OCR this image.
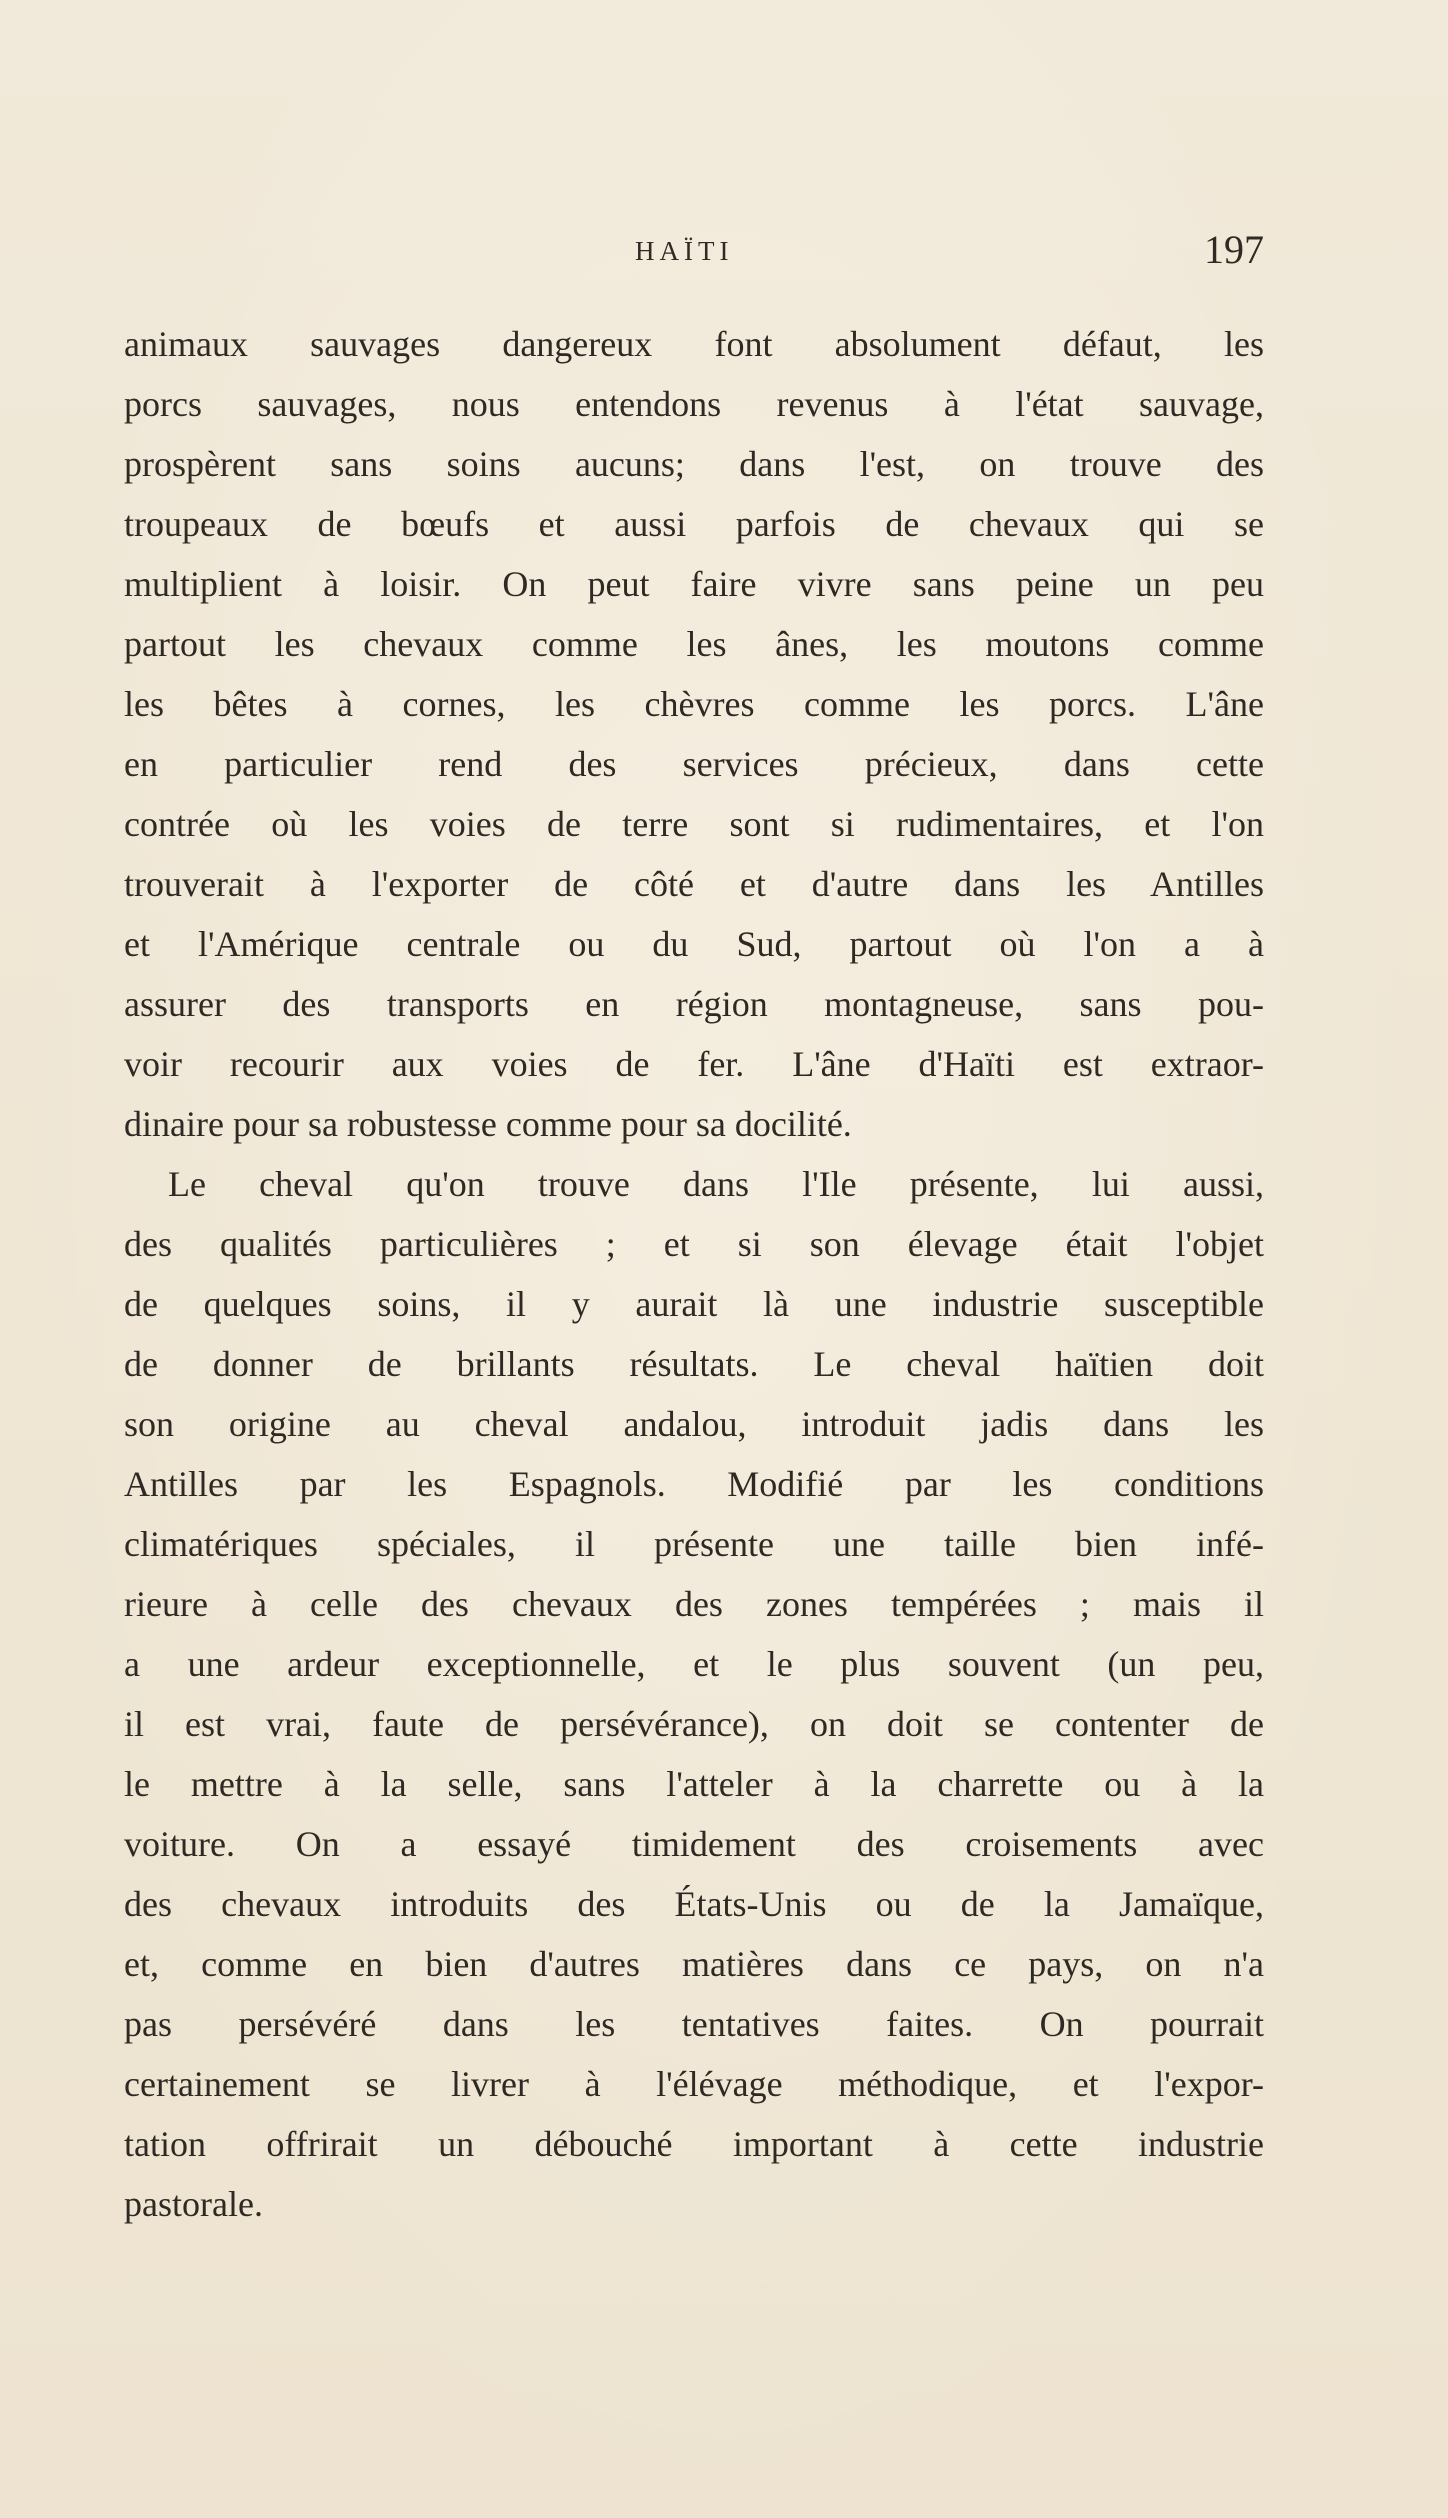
HAÏTI	197
animaux sauvages dangereux font absolument défaut, les
porcs sauvages, nous entendons revenus à l'état sauvage,
prospèrent sans soins aucuns; dans l'est, on trouve des
troupeaux de bœufs et aussi parfois de chevaux qui se
multiplient à loisir. On peut faire vivre sans peine un peu
partout les chevaux comme les ânes, les moutons comme
les bêtes à cornes, les chèvres comme les porcs. L'âne
en particulier rend des services précieux, dans cette
contrée où les voies de terre sont si rudimentaires, et l'on
trouverait à l'exporter de côté et d'autre dans les Antilles
et l'Amérique centrale ou du Sud, partout où l'on a à
assurer des transports en région montagneuse, sans pou-
voir recourir aux voies de fer. L'âne d'Haïti est extraor-
dinaire pour sa robustesse comme pour sa docilité.
Le cheval qu'on trouve dans l'Ile présente, lui aussi,
des qualités particulières ; et si son élevage était l'objet
de quelques soins, il y aurait là une industrie susceptible
de donner de brillants résultats. Le cheval haïtien doit
son origine au cheval andalou, introduit jadis dans les
Antilles par les Espagnols. Modifié par les conditions
climatériques spéciales, il présente une taille bien infé-
rieure à celle des chevaux des zones tempérées ; mais il
a une ardeur exceptionnelle, et le plus souvent (un peu,
il est vrai, faute de persévérance), on doit se contenter de
le mettre à la selle, sans l'atteler à la charrette ou à la
voiture. On a essayé timidement des croisements avec
des chevaux introduits des États-Unis ou de la Jamaïque,
et, comme en bien d'autres matières dans ce pays, on n'a
pas persévéré dans les tentatives faites. On pourrait
certainement se livrer à l'élévage méthodique, et l'expor-
tation offrirait un débouché important à cette industrie
pastorale.
